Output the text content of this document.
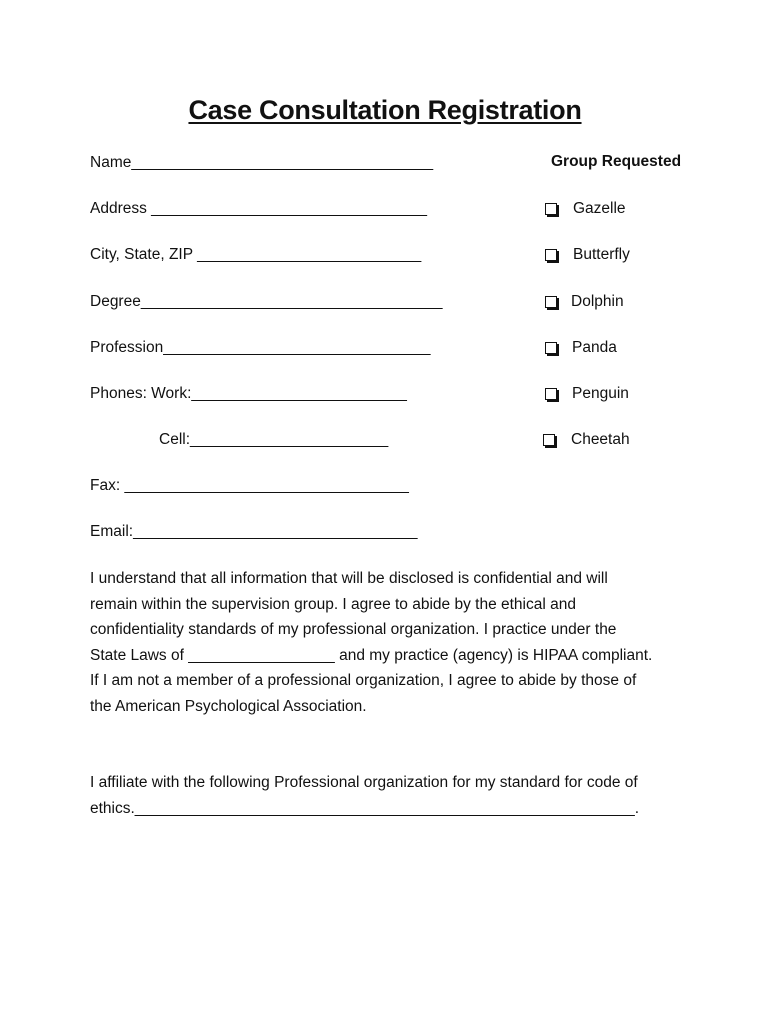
Case Consultation Registration
Name___________________________________
Address ________________________________
City, State, ZIP __________________________
Degree___________________________________
Profession_______________________________
Phones: Work:_________________________
Cell:_______________________
Fax: _________________________________
Email:_________________________________
Group Requested
Gazelle
Butterfly
Dolphin
Panda
Penguin
Cheetah

I understand that all information that will be disclosed is confidential and will

remain within the supervision group. I agree to abide by the ethical and

confidentiality standards of my professional organization. I practice under the

State Laws of _________________ and my practice (agency) is HIPAA compliant.

If I am not a member of a professional organization, I agree to abide by those of

the American Psychological Association.

I affiliate with the following Professional organization for my standard for code of

ethics.__________________________________________________________.
